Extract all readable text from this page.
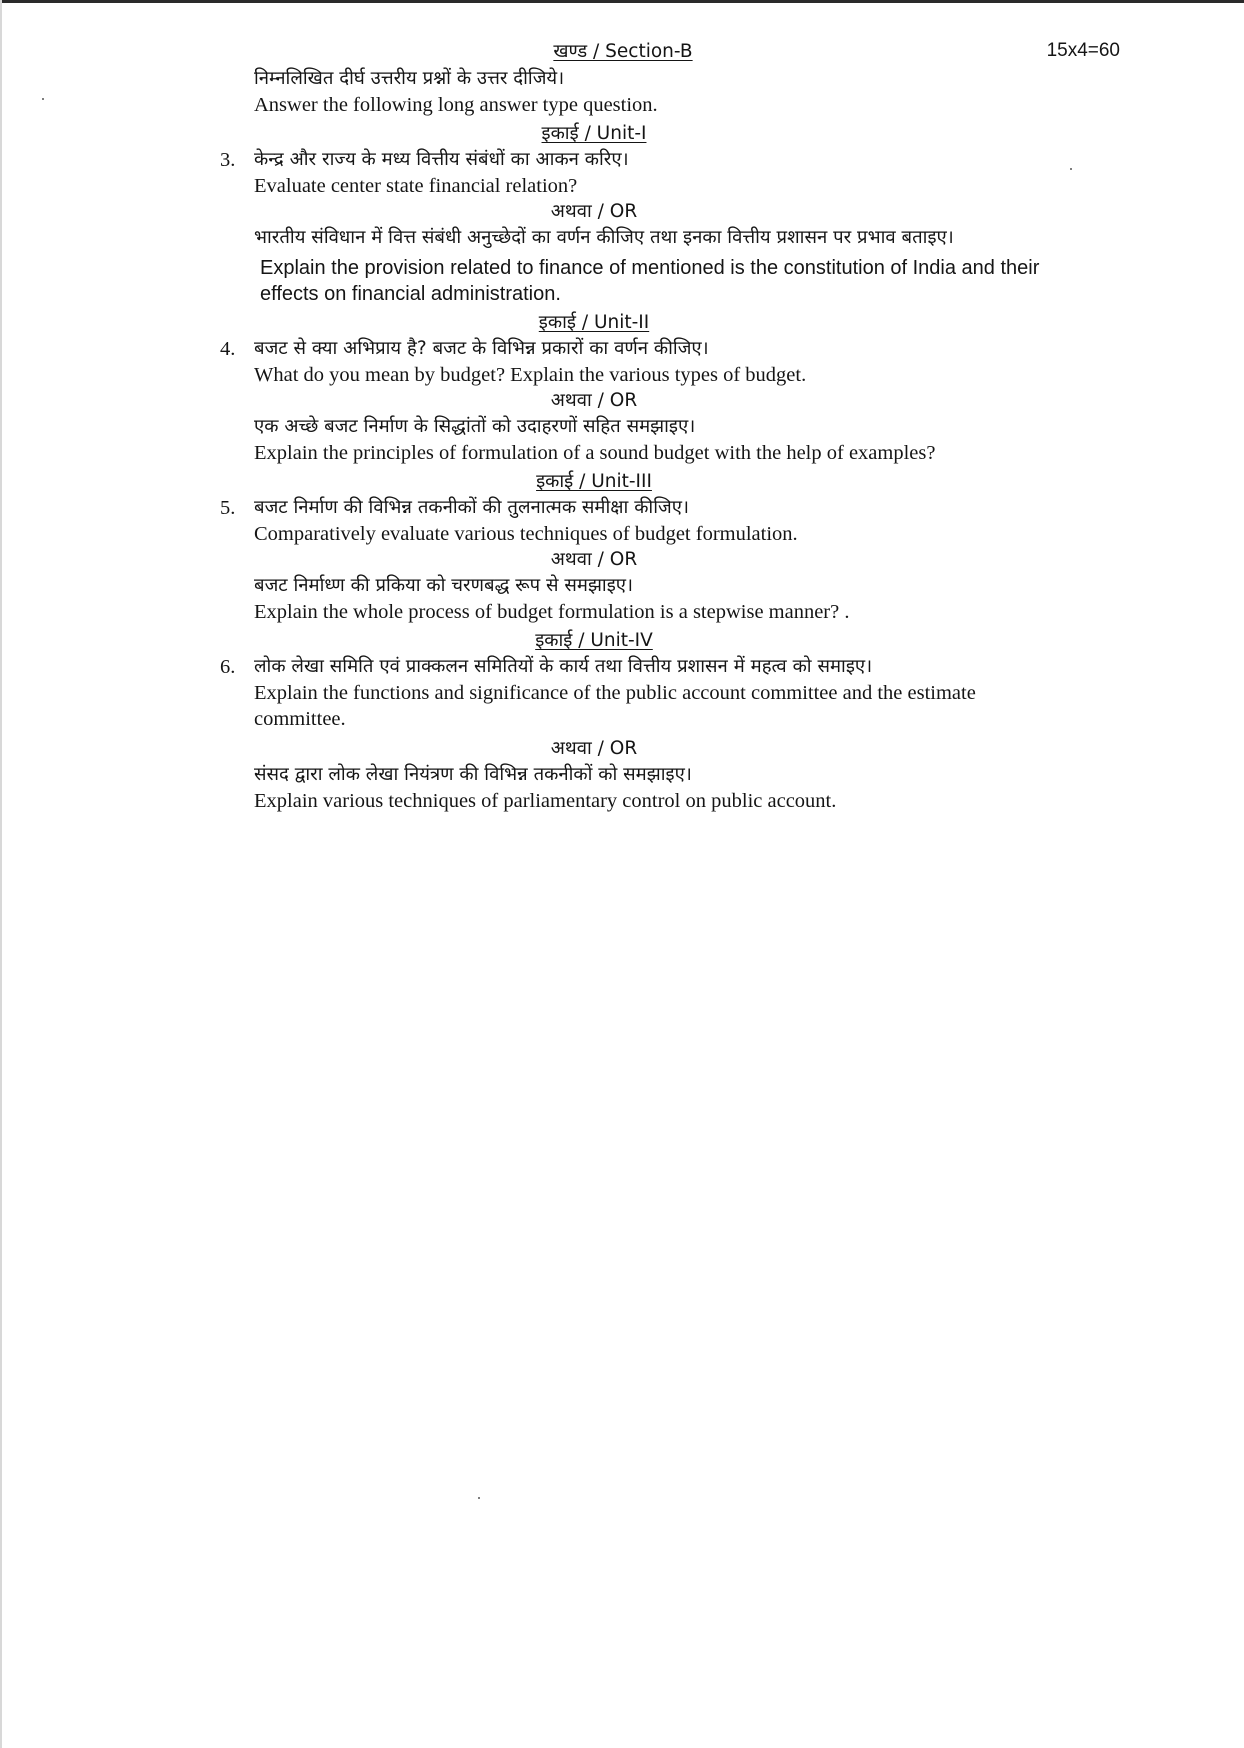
खण्ड / Section-B	15x4=60
निम्नलिखित दीर्घ उत्तरीय प्रश्नों के उत्तर दीजिये।
Answer the following long answer type question.
इकाई / Unit-I
3. केन्द्र और राज्य के मध्य वित्तीय संबंधों का आकन करिए।
Evaluate center state financial relation?
अथवा / OR
भारतीय संविधान में वित्त संबंधी अनुच्छेदों का वर्णन कीजिए तथा इनका वित्तीय प्रशासन पर प्रभाव बताइए।
Explain the provision related to finance of mentioned is the constitution of India and their effects on financial administration.
इकाई / Unit-II
4. बजट से क्या अभिप्राय है? बजट के विभिन्न प्रकारों का वर्णन कीजिए।
What do you mean by budget? Explain the various types of budget.
अथवा / OR
एक अच्छे बजट निर्माण के सिद्धांतों को उदाहरणों सहित समझाइए।
Explain the principles of formulation of a sound budget with the help of examples?
इकाई / Unit-III
5. बजट निर्माण की विभिन्न तकनीकों की तुलनात्मक समीक्षा कीजिए।
Comparatively evaluate various techniques of budget formulation.
अथवा / OR
बजट निर्माध्ण की प्रकिया को चरणबद्ध रूप से समझाइए।
Explain the whole process of budget formulation is a stepwise manner? .
इकाई / Unit-IV
6. लोक लेखा समिति एवं प्राक्कलन समितियों के कार्य तथा वित्तीय प्रशासन में महत्व को समाइए।
Explain the functions and significance of the public account committee and the estimate committee.
अथवा / OR
संसद द्वारा लोक लेखा नियंत्रण की विभिन्न तकनीकों को समझाइए।
Explain various techniques of parliamentary control on public account.
